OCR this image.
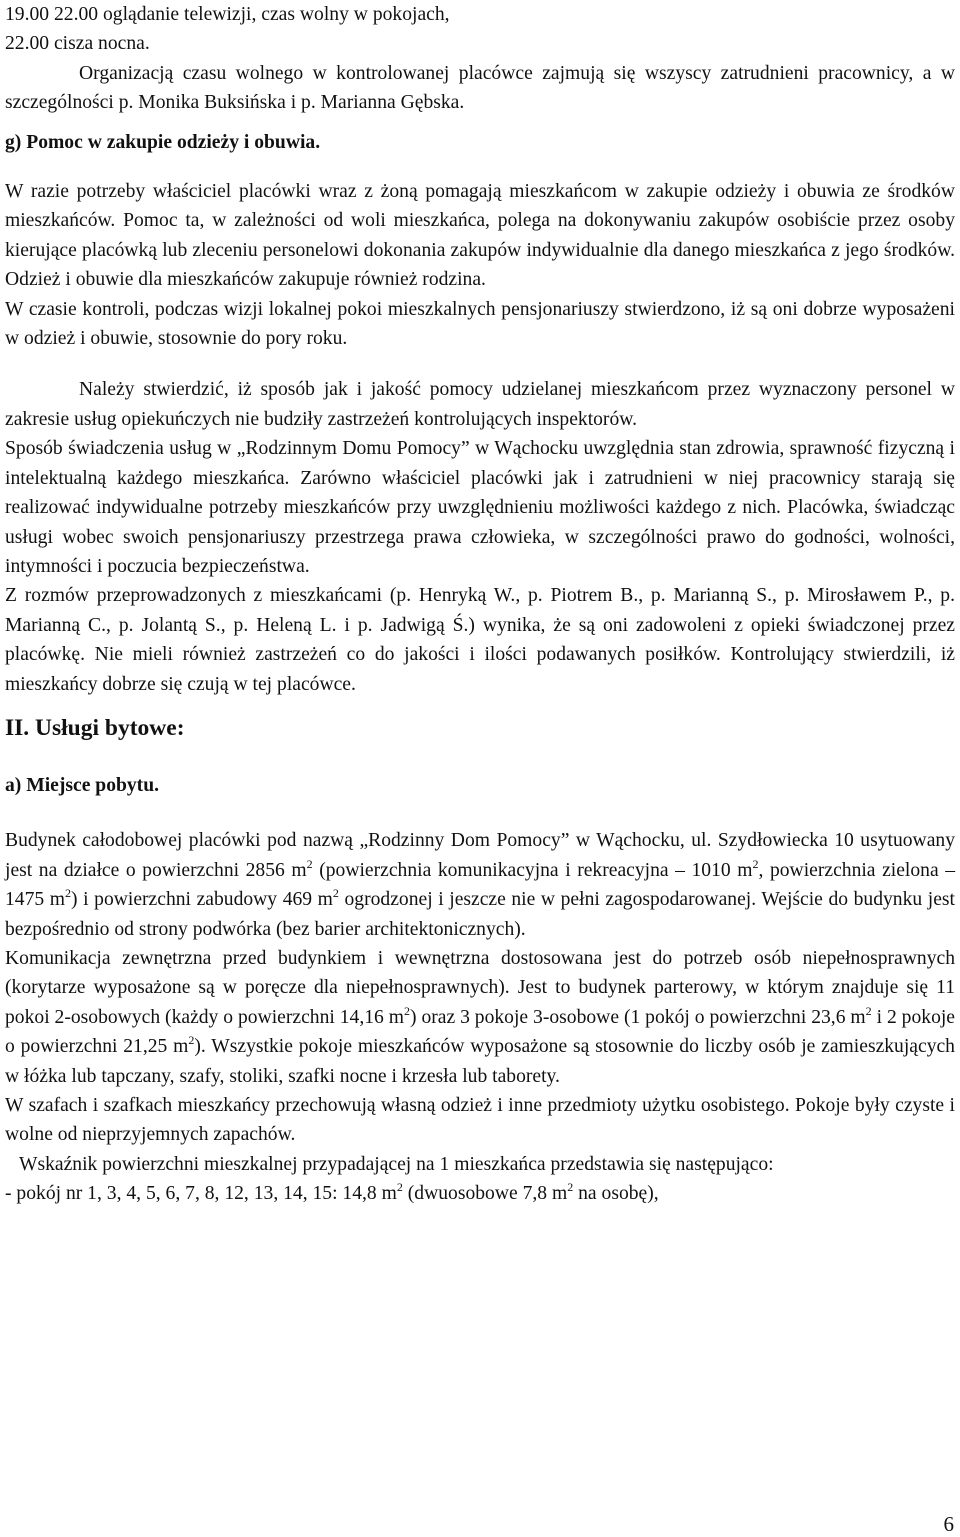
19.00 22.00 oglądanie telewizji, czas wolny w pokojach,

22.00 cisza nocna.

Organizacją czasu wolnego w kontrolowanej placówce zajmują się wszyscy zatrudnieni pracownicy, a w szczególności p. Monika Buksińska i p. Marianna Gębska.

g) Pomoc w zakupie odzieży i obuwia.

W razie potrzeby właściciel placówki wraz z żoną pomagają mieszkańcom w zakupie odzieży i obuwia ze środków mieszkańców. Pomoc ta, w zależności od woli mieszkańca, polega na dokonywaniu zakupów osobiście przez osoby kierujące placówką lub zleceniu personelowi dokonania zakupów indywidualnie dla danego mieszkańca z jego środków. Odzież i obuwie dla mieszkańców zakupuje również rodzina.

W czasie kontroli, podczas wizji lokalnej pokoi mieszkalnych pensjonariuszy stwierdzono, iż są oni dobrze wyposażeni w odzież i obuwie, stosownie do pory roku.

Należy stwierdzić, iż sposób jak i jakość pomocy udzielanej mieszkańcom przez wyznaczony personel w zakresie usług opiekuńczych nie budziły zastrzeżeń kontrolujących inspektorów.

Sposób świadczenia usług w „Rodzinnym Domu Pomocy” w Wąchocku uwzględnia stan zdrowia, sprawność fizyczną i intelektualną każdego mieszkańca. Zarówno właściciel placówki jak i zatrudnieni w niej pracownicy starają się realizować indywidualne potrzeby mieszkańców przy uwzględnieniu możliwości każdego z nich. Placówka, świadcząc usługi wobec swoich pensjonariuszy przestrzega prawa człowieka, w szczególności prawo do godności, wolności, intymności i poczucia bezpieczeństwa.

Z rozmów przeprowadzonych z mieszkańcami (p. Henryką W., p. Piotrem B., p. Marianną S., p. Mirosławem P., p. Marianną C., p. Jolantą S., p. Heleną L. i p. Jadwigą Ś.) wynika, że są oni zadowoleni z opieki świadczonej przez placówkę. Nie mieli również zastrzeżeń co do jakości i ilości podawanych posiłków. Kontrolujący stwierdzili, iż mieszkańcy dobrze się czują w tej placówce.

II. Usługi bytowe:

a) Miejsce pobytu.

Budynek całodobowej placówki pod nazwą „Rodzinny Dom Pomocy” w Wąchocku, ul. Szydłowiecka 10 usytuowany jest na działce o powierzchni 2856 $m^2$ (powierzchnia komunikacyjna i rekreacyjna – 1010 $m^2$, powierzchnia zielona – 1475 $m^2$) i powierzchni zabudowy 469 $m^2$ ogrodzonej i jeszcze nie w pełni zagospodarowanej. Wejście do budynku jest bezpośrednio od strony podwórka (bez barier architektonicznych).

Komunikacja zewnętrzna przed budynkiem i wewnętrzna dostosowana jest do potrzeb osób niepełnosprawnych (korytarze wyposażone są w poręcze dla niepełnosprawnych). Jest to budynek parterowy, w którym znajduje się 11 pokoi 2-osobowych (każdy o powierzchni 14,16 $m^2$) oraz 3 pokoje 3-osobowe (1 pokój o powierzchni 23,6 $m^2$ i 2 pokoje o powierzchni 21,25 $m^2$). Wszystkie pokoje mieszkańców wyposażone są stosownie do liczby osób je zamieszkujących w łóżka lub tapczany, szafy, stoliki, szafki nocne i krzesła lub taborety.

W szafach i szafkach mieszkańcy przechowują własną odzież i inne przedmioty użytku osobistego. Pokoje były czyste i wolne od nieprzyjemnych zapachów.

Wskaźnik powierzchni mieszkalnej przypadającej na 1 mieszkańca przedstawia się następująco:

- pokój nr 1, 3, 4, 5, 6, 7, 8, 12, 13, 14, 15: 14,8 $m^2$ (dwuosobowe 7,8 $m^2$ na osobę),

6
